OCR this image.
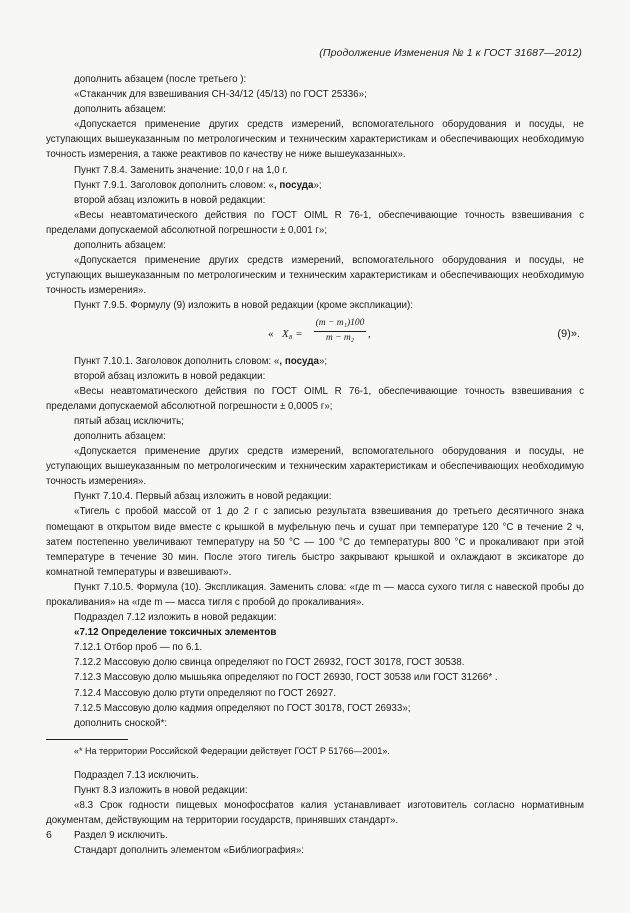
(Продолжение Изменения № 1 к ГОСТ 31687—2012)

дополнить абзацем (после третьего ):

«Стаканчик для взвешивания СН-34/12 (45/13) по ГОСТ 25336»;

дополнить абзацем:

«Допускается применение других средств измерений, вспомогательного оборудования и посуды, не уступающих вышеуказанным по метрологическим и техническим характеристикам и обеспечивающих необходимую точность измерения, а также реактивов по качеству не ниже вышеуказанных».

Пункт 7.8.4. Заменить значение: 10,0 г на 1,0 г.

Пункт 7.9.1. Заголовок дополнить словом: «, посуда»;

второй абзац изложить в новой редакции:

«Весы неавтоматического действия по ГОСТ OIML R 76-1, обеспечивающие точность взвешивания с пределами допускаемой абсолютной погрешности ± 0,001 г»;

дополнить абзацем:

«Допускается применение других средств измерений, вспомогательного оборудования и посуды, не уступающих вышеуказанным по метрологическим и техническим характеристикам и обеспечивающих необходимую точность измерения».

Пункт 7.9.5. Формулу (9) изложить в новой редакции (кроме экспликации):

« $X_8 = \frac{\text{(m − m₁)100}}{\text{m − m₂}}$ ,	(9)».

Пункт 7.10.1. Заголовок дополнить словом: «, посуда»;

второй абзац изложить в новой редакции:

«Весы неавтоматического действия по ГОСТ OIML R 76-1, обеспечивающие точность взвешивания с пределами допускаемой абсолютной погрешности ± 0,0005 г»;

пятый абзац исключить;

дополнить абзацем:

«Допускается применение других средств измерений, вспомогательного оборудования и посуды, не уступающих вышеуказанным по метрологическим и техническим характеристикам и обеспечивающих необходимую точность измерения».

Пункт 7.10.4. Первый абзац изложить в новой редакции:

«Тигель с пробой массой от 1 до 2 г с записью результата взвешивания до третьего десятичного знака помещают в открытом виде вместе с крышкой в муфельную печь и сушат при температуре 120 °С в течение 2 ч, затем постепенно увеличивают температуру на 50 °С — 100 °С до температуры 800 °С и прокаливают при этой температуре в течение 30 мин. После этого тигель быстро закрывают крышкой и охлаждают в эксикаторе до комнатной температуры и взвешивают».

Пункт 7.10.5. Формула (10). Экспликация. Заменить слова: «где m — масса сухого тигля с навеской пробы до прокаливания» на «где m — масса тигля с пробой до прокаливания».

Подраздел 7.12 изложить в новой редакции:

«7.12 Определение токсичных элементов

7.12.1 Отбор проб — по 6.1.

7.12.2 Массовую долю свинца определяют по ГОСТ 26932, ГОСТ 30178, ГОСТ 30538.

7.12.3 Массовую долю мышьяка определяют по ГОСТ 26930, ГОСТ 30538 или ГОСТ 31266* .

7.12.4 Массовую долю ртути определяют по ГОСТ 26927.

7.12.5 Массовую долю кадмия определяют по ГОСТ 30178, ГОСТ 26933»;

дополнить сноской*:

«* На территории Российской Федерации действует ГОСТ Р 51766—2001».

Подраздел 7.13 исключить.

Пункт 8.3 изложить в новой редакции:

«8.3 Срок годности пищевых монофосфатов калия устанавливает изготовитель согласно нормативным документам, действующим на территории государств, принявших стандарт».

Раздел 9 исключить.

Стандарт дополнить элементом «Библиография»:

6
